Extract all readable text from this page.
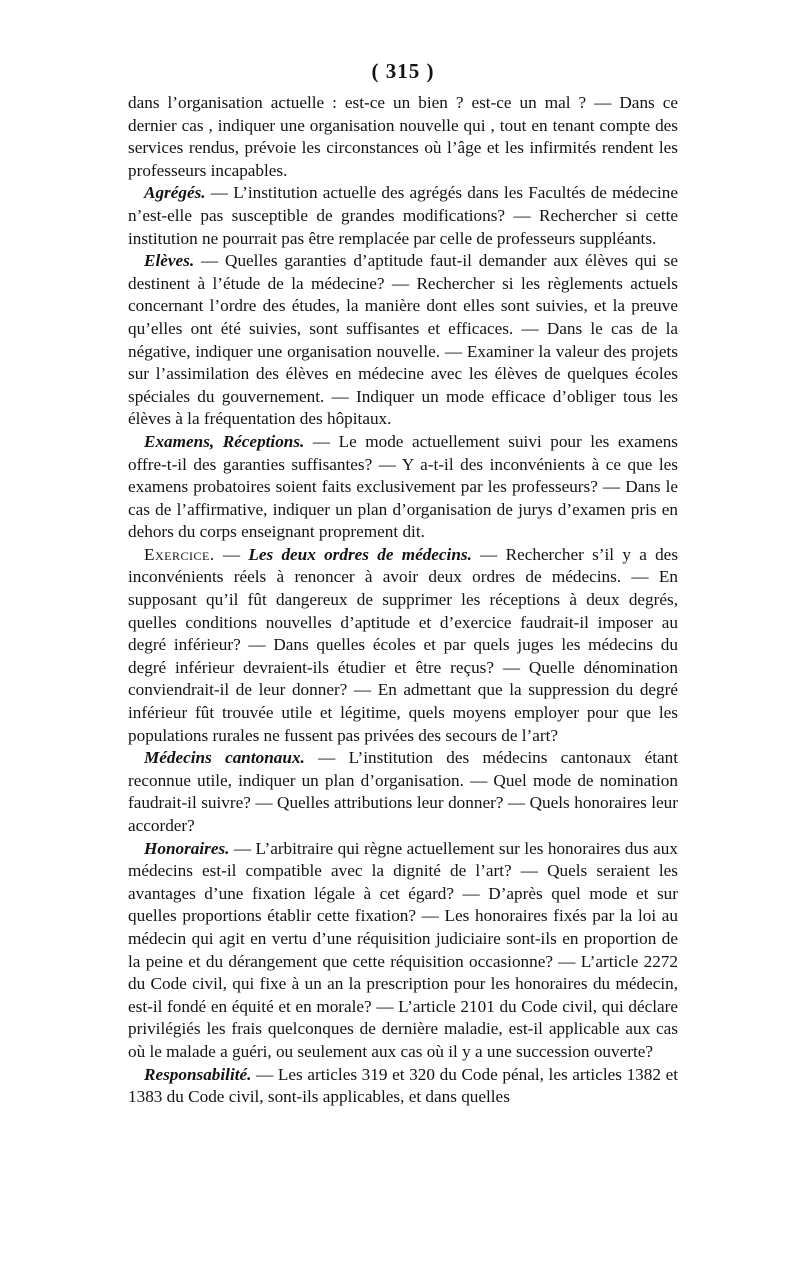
( 315 )

dans l’organisation actuelle : est-ce un bien ? est-ce un mal ? — Dans ce dernier cas , indiquer une organisation nouvelle qui , tout en tenant compte des services rendus, prévoie les circonstances où l’âge et les infirmités rendent les professeurs incapables.

Agrégés. — L’institution actuelle des agrégés dans les Facultés de médecine n’est-elle pas susceptible de grandes modifications? — Rechercher si cette institution ne pourrait pas être remplacée par celle de professeurs suppléants.

Elèves. — Quelles garanties d’aptitude faut-il demander aux élèves qui se destinent à l’étude de la médecine? — Rechercher si les règlements actuels concernant l’ordre des études, la manière dont elles sont suivies, et la preuve qu’elles ont été suivies, sont suffisantes et efficaces. — Dans le cas de la négative, indiquer une organisation nouvelle. — Examiner la valeur des projets sur l’assimilation des élèves en médecine avec les élèves de quelques écoles spéciales du gouvernement. — Indiquer un mode efficace d’obliger tous les élèves à la fréquentation des hôpitaux.

Examens, Réceptions. — Le mode actuellement suivi pour les examens offre-t-il des garanties suffisantes? — Y a-t-il des inconvénients à ce que les examens probatoires soient faits exclusivement par les professeurs? — Dans le cas de l’affirmative, indiquer un plan d’organisation de jurys d’examen pris en dehors du corps enseignant proprement dit.

Exercice. — Les deux ordres de médecins. — Rechercher s’il y a des inconvénients réels à renoncer à avoir deux ordres de médecins. — En supposant qu’il fût dangereux de supprimer les réceptions à deux degrés, quelles conditions nouvelles d’aptitude et d’exercice faudrait-il imposer au degré inférieur? — Dans quelles écoles et par quels juges les médecins du degré inférieur devraient-ils étudier et être reçus? — Quelle dénomination conviendrait-il de leur donner? — En admettant que la suppression du degré inférieur fût trouvée utile et légitime, quels moyens employer pour que les populations rurales ne fussent pas privées des secours de l’art?

Médecins cantonaux. — L’institution des médecins cantonaux étant reconnue utile, indiquer un plan d’organisation. — Quel mode de nomination faudrait-il suivre? — Quelles attributions leur donner? — Quels honoraires leur accorder?

Honoraires. — L’arbitraire qui règne actuellement sur les honoraires dus aux médecins est-il compatible avec la dignité de l’art? — Quels seraient les avantages d’une fixation légale à cet égard? — D’après quel mode et sur quelles proportions établir cette fixation? — Les honoraires fixés par la loi au médecin qui agit en vertu d’une réquisition judiciaire sont-ils en proportion de la peine et du dérangement que cette réquisition occasionne? — L’article 2272 du Code civil, qui fixe à un an la prescription pour les honoraires du médecin, est-il fondé en équité et en morale? — L’article 2101 du Code civil, qui déclare privilégiés les frais quelconques de dernière maladie, est-il applicable aux cas où le malade a guéri, ou seulement aux cas où il y a une succession ouverte?

Responsabilité. — Les articles 319 et 320 du Code pénal, les articles 1382 et 1383 du Code civil, sont-ils applicables, et dans quelles
